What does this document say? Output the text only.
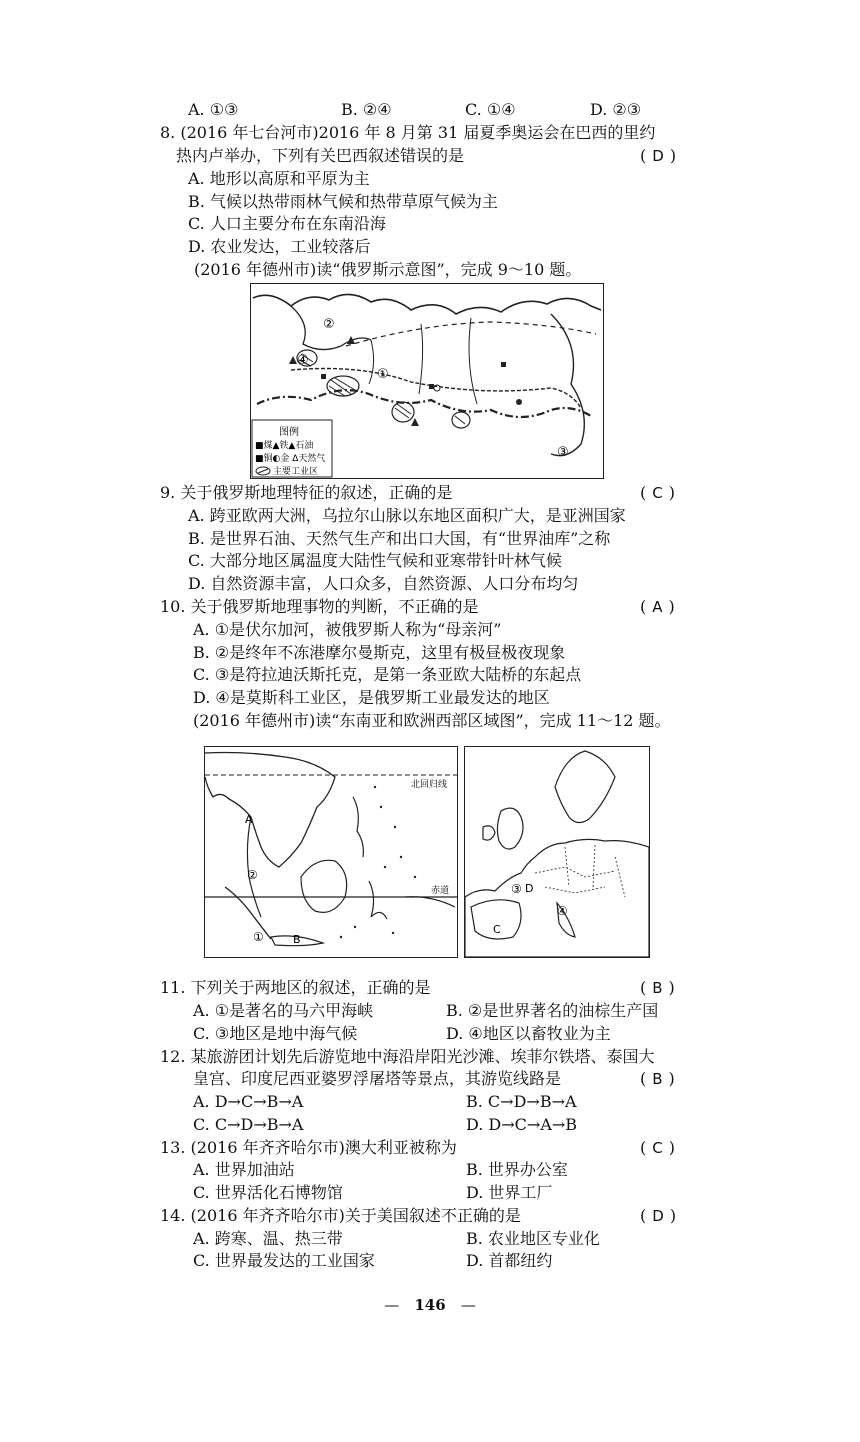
A. ①③	B. ②④	C. ①④	D. ②③
8. (2016 年七台河市)2016 年 8 月第 31 届夏季奥运会在巴西的里约
热内卢举办，下列有关巴西叙述错误的是	( D )
A. 地形以高原和平原为主
B. 气候以热带雨林气候和热带草原气候为主
C. 人口主要分布在东南沿海
D. 农业发达，工业较落后
(2016 年德州市)读“俄罗斯示意图”，完成 9～10 题。
②
①
③
④
图例
■煤▲铁▲石油
■铜◐金 Δ天然气
主要工业区
9. 关于俄罗斯地理特征的叙述，正确的是	( C )
A. 跨亚欧两大洲，乌拉尔山脉以东地区面积广大，是亚洲国家
B. 是世界石油、天然气生产和出口大国，有“世界油库”之称
C. 大部分地区属温度大陆性气候和亚寒带针叶林气候
D. 自然资源丰富，人口众多，自然资源、人口分布均匀
10. 关于俄罗斯地理事物的判断，不正确的是	( A )
A. ①是伏尔加河，被俄罗斯人称为“母亲河”
B. ②是终年不冻港摩尔曼斯克，这里有极昼极夜现象
C. ③是符拉迪沃斯托克，是第一条亚欧大陆桥的东起点
D. ④是莫斯科工业区，是俄罗斯工业最发达的地区
(2016 年德州市)读“东南亚和欧洲西部区域图”，完成 11～12 题。
北回归线
赤道
A
②
①	B
③ D
④
C
11. 下列关于两地区的叙述，正确的是	( B )
A. ①是著名的马六甲海峡	B. ②是世界著名的油棕生产国
C. ③地区是地中海气候	D. ④地区以畜牧业为主
12. 某旅游团计划先后游览地中海沿岸阳光沙滩、埃菲尔铁塔、泰国大
皇宫、印度尼西亚婆罗浮屠塔等景点，其游览线路是	( B )
A. D→C→B→A	B. C→D→B→A
C. C→D→B→A	D. D→C→A→B
13. (2016 年齐齐哈尔市)澳大利亚被称为	( C )
A. 世界加油站	B. 世界办公室
C. 世界活化石博物馆	D. 世界工厂
14. (2016 年齐齐哈尔市)关于美国叙述不正确的是	( D )
A. 跨寒、温、热三带	B. 农业地区专业化
C. 世界最发达的工业国家	D. 首都纽约
— 146 —
